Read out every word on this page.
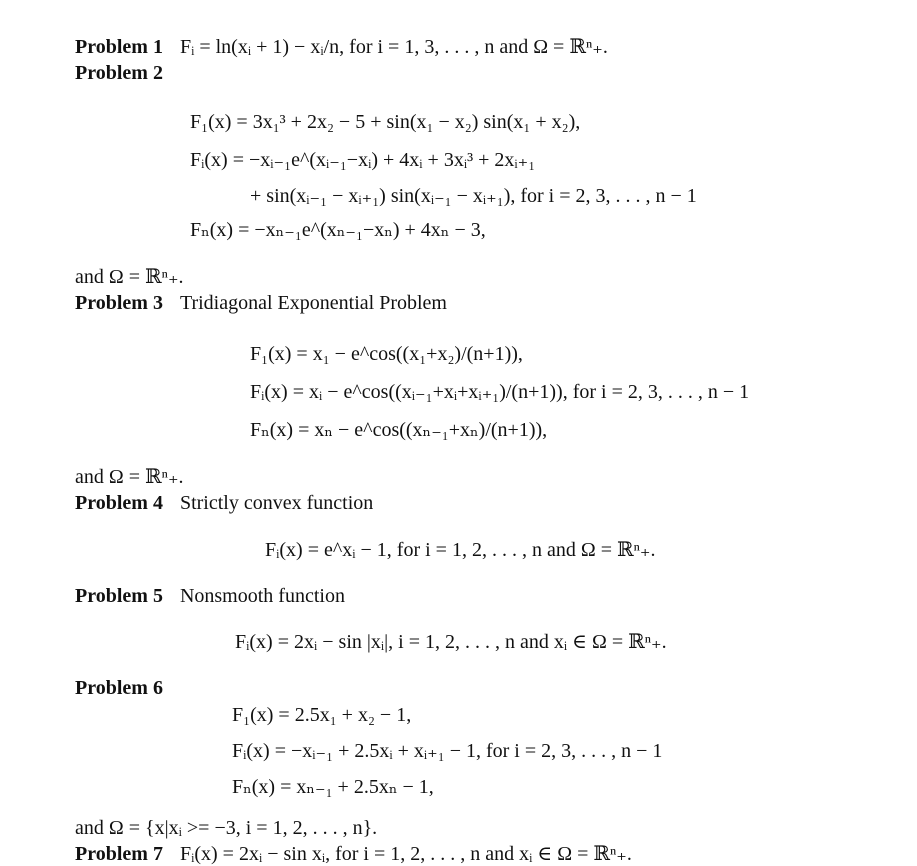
Problem 1 Fᵢ = ln(xᵢ + 1) − xᵢ/n, for i = 1, 3, . . . , n and Ω = ℝⁿ₊.
Problem 2
F₁(x) = 3x₁³ + 2x₂ − 5 + sin(x₁ − x₂) sin(x₁ + x₂),
Fᵢ(x) = −xᵢ₋₁e^(xᵢ₋₁−xᵢ) + 4xᵢ + 3xᵢ³ + 2xᵢ₊₁
+ sin(xᵢ₋₁ − xᵢ₊₁) sin(xᵢ₋₁ − xᵢ₊₁), for i = 2, 3, . . . , n − 1
Fₙ(x) = −xₙ₋₁e^(xₙ₋₁−xₙ) + 4xₙ − 3,
and Ω = ℝⁿ₊.
Problem 3 Tridiagonal Exponential Problem
F₁(x) = x₁ − e^cos((x₁+x₂)/(n+1)),
Fᵢ(x) = xᵢ − e^cos((xᵢ₋₁+xᵢ+xᵢ₊₁)/(n+1)), for i = 2, 3, . . . , n − 1
Fₙ(x) = xₙ − e^cos((xₙ₋₁+xₙ)/(n+1)),
and Ω = ℝⁿ₊.
Problem 4 Strictly convex function
Fᵢ(x) = e^xᵢ − 1, for i = 1, 2, . . . , n and Ω = ℝⁿ₊.
Problem 5 Nonsmooth function
Fᵢ(x) = 2xᵢ − sin |xᵢ|, i = 1, 2, . . . , n and xᵢ ∈ Ω = ℝⁿ₊.
Problem 6
F₁(x) = 2.5x₁ + x₂ − 1,
Fᵢ(x) = −xᵢ₋₁ + 2.5xᵢ + xᵢ₊₁ − 1, for i = 2, 3, . . . , n − 1
Fₙ(x) = xₙ₋₁ + 2.5xₙ − 1,
and Ω = {x|xᵢ >= −3, i = 1, 2, . . . , n}.
Problem 7 Fᵢ(x) = 2xᵢ − sin xᵢ, for i = 1, 2, . . . , n and xᵢ ∈ Ω = ℝⁿ₊.
